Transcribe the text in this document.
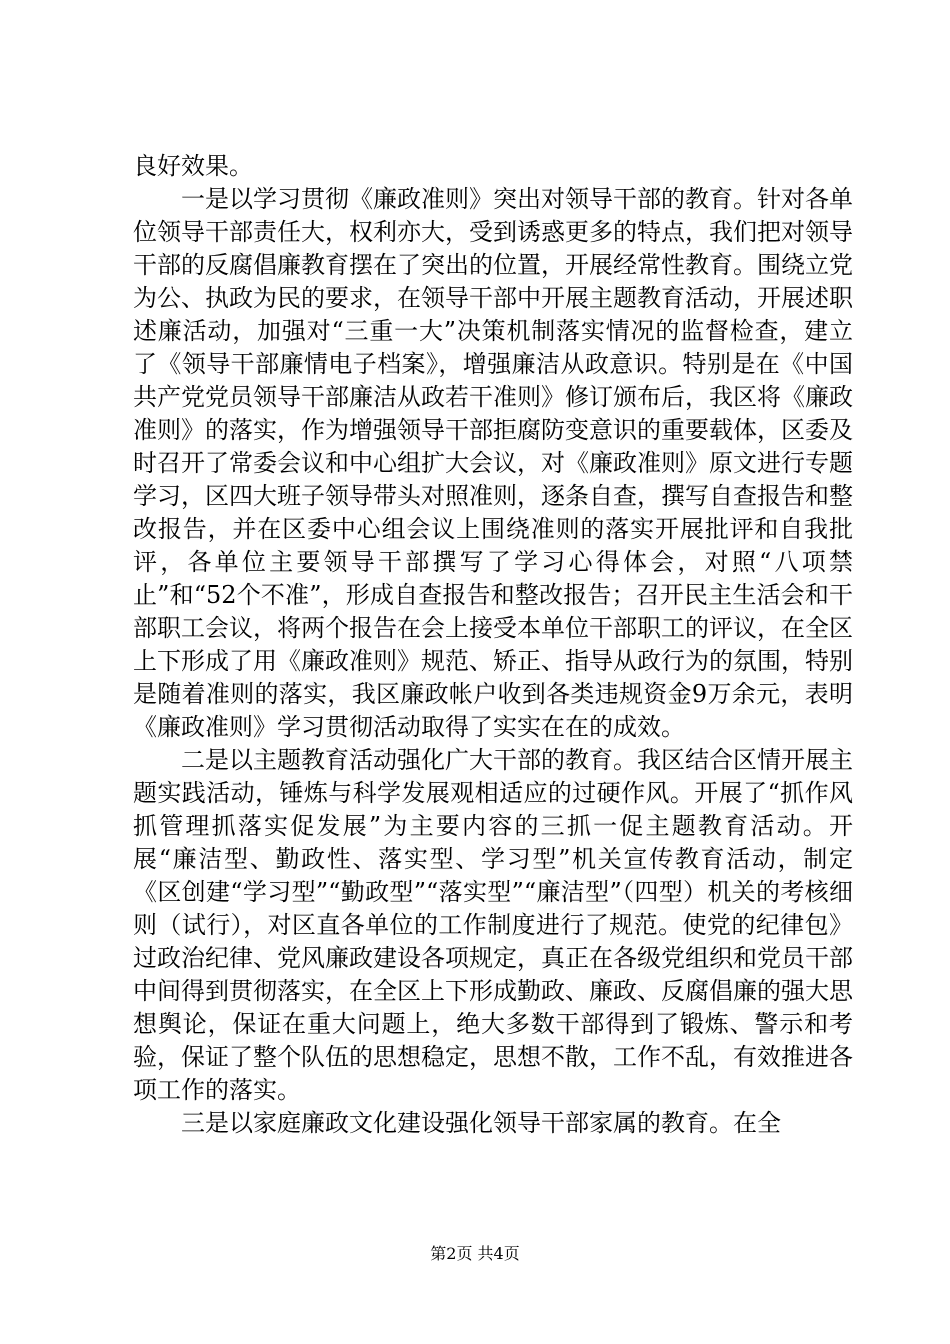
良好效果。

一是以学习贯彻《廉政准则》突出对领导干部的教育。针对各单位领导干部责任大，权利亦大，受到诱惑更多的特点，我们把对领导干部的反腐倡廉教育摆在了突出的位置，开展经常性教育。围绕立党为公、执政为民的要求，在领导干部中开展主题教育活动，开展述职述廉活动，加强对“三重一大”决策机制落实情况的监督检查，建立了《领导干部廉情电子档案》，增强廉洁从政意识。特别是在《中国共产党党员领导干部廉洁从政若干准则》修订颁布后，我区将《廉政准则》的落实，作为增强领导干部拒腐防变意识的重要载体，区委及时召开了常委会议和中心组扩大会议，对《廉政准则》原文进行专题学习，区四大班子领导带头对照准则，逐条自查，撰写自查报告和整改报告，并在区委中心组会议上围绕准则的落实开展批评和自我批评，各单位主要领导干部撰写了学习心得体会，对照“八项禁止”和“52个不准”，形成自查报告和整改报告；召开民主生活会和干部职工会议，将两个报告在会上接受本单位干部职工的评议，在全区上下形成了用《廉政准则》规范、矫正、指导从政行为的氛围，特别是随着准则的落实，我区廉政帐户收到各类违规资金9万余元，表明《廉政准则》学习贯彻活动取得了实实在在的成效。

二是以主题教育活动强化广大干部的教育。我区结合区情开展主题实践活动，锤炼与科学发展观相适应的过硬作风。开展了“抓作风抓管理抓落实促发展”为主要内容的三抓一促主题教育活动。开展“廉洁型、勤政性、落实型、学习型”机关宣传教育活动，制定《区创建“学习型”“勤政型”“落实型”“廉洁型”（四型）机关的考核细则（试行），对区直各单位的工作制度进行了规范。使党的纪律包》过政治纪律、党风廉政建设各项规定，真正在各级党组织和党员干部中间得到贯彻落实，在全区上下形成勤政、廉政、反腐倡廉的强大思想舆论，保证在重大问题上，绝大多数干部得到了锻炼、警示和考验，保证了整个队伍的思想稳定，思想不散，工作不乱，有效推进各项工作的落实。

三是以家庭廉政文化建设强化领导干部家属的教育。在全

第2页 共4页
